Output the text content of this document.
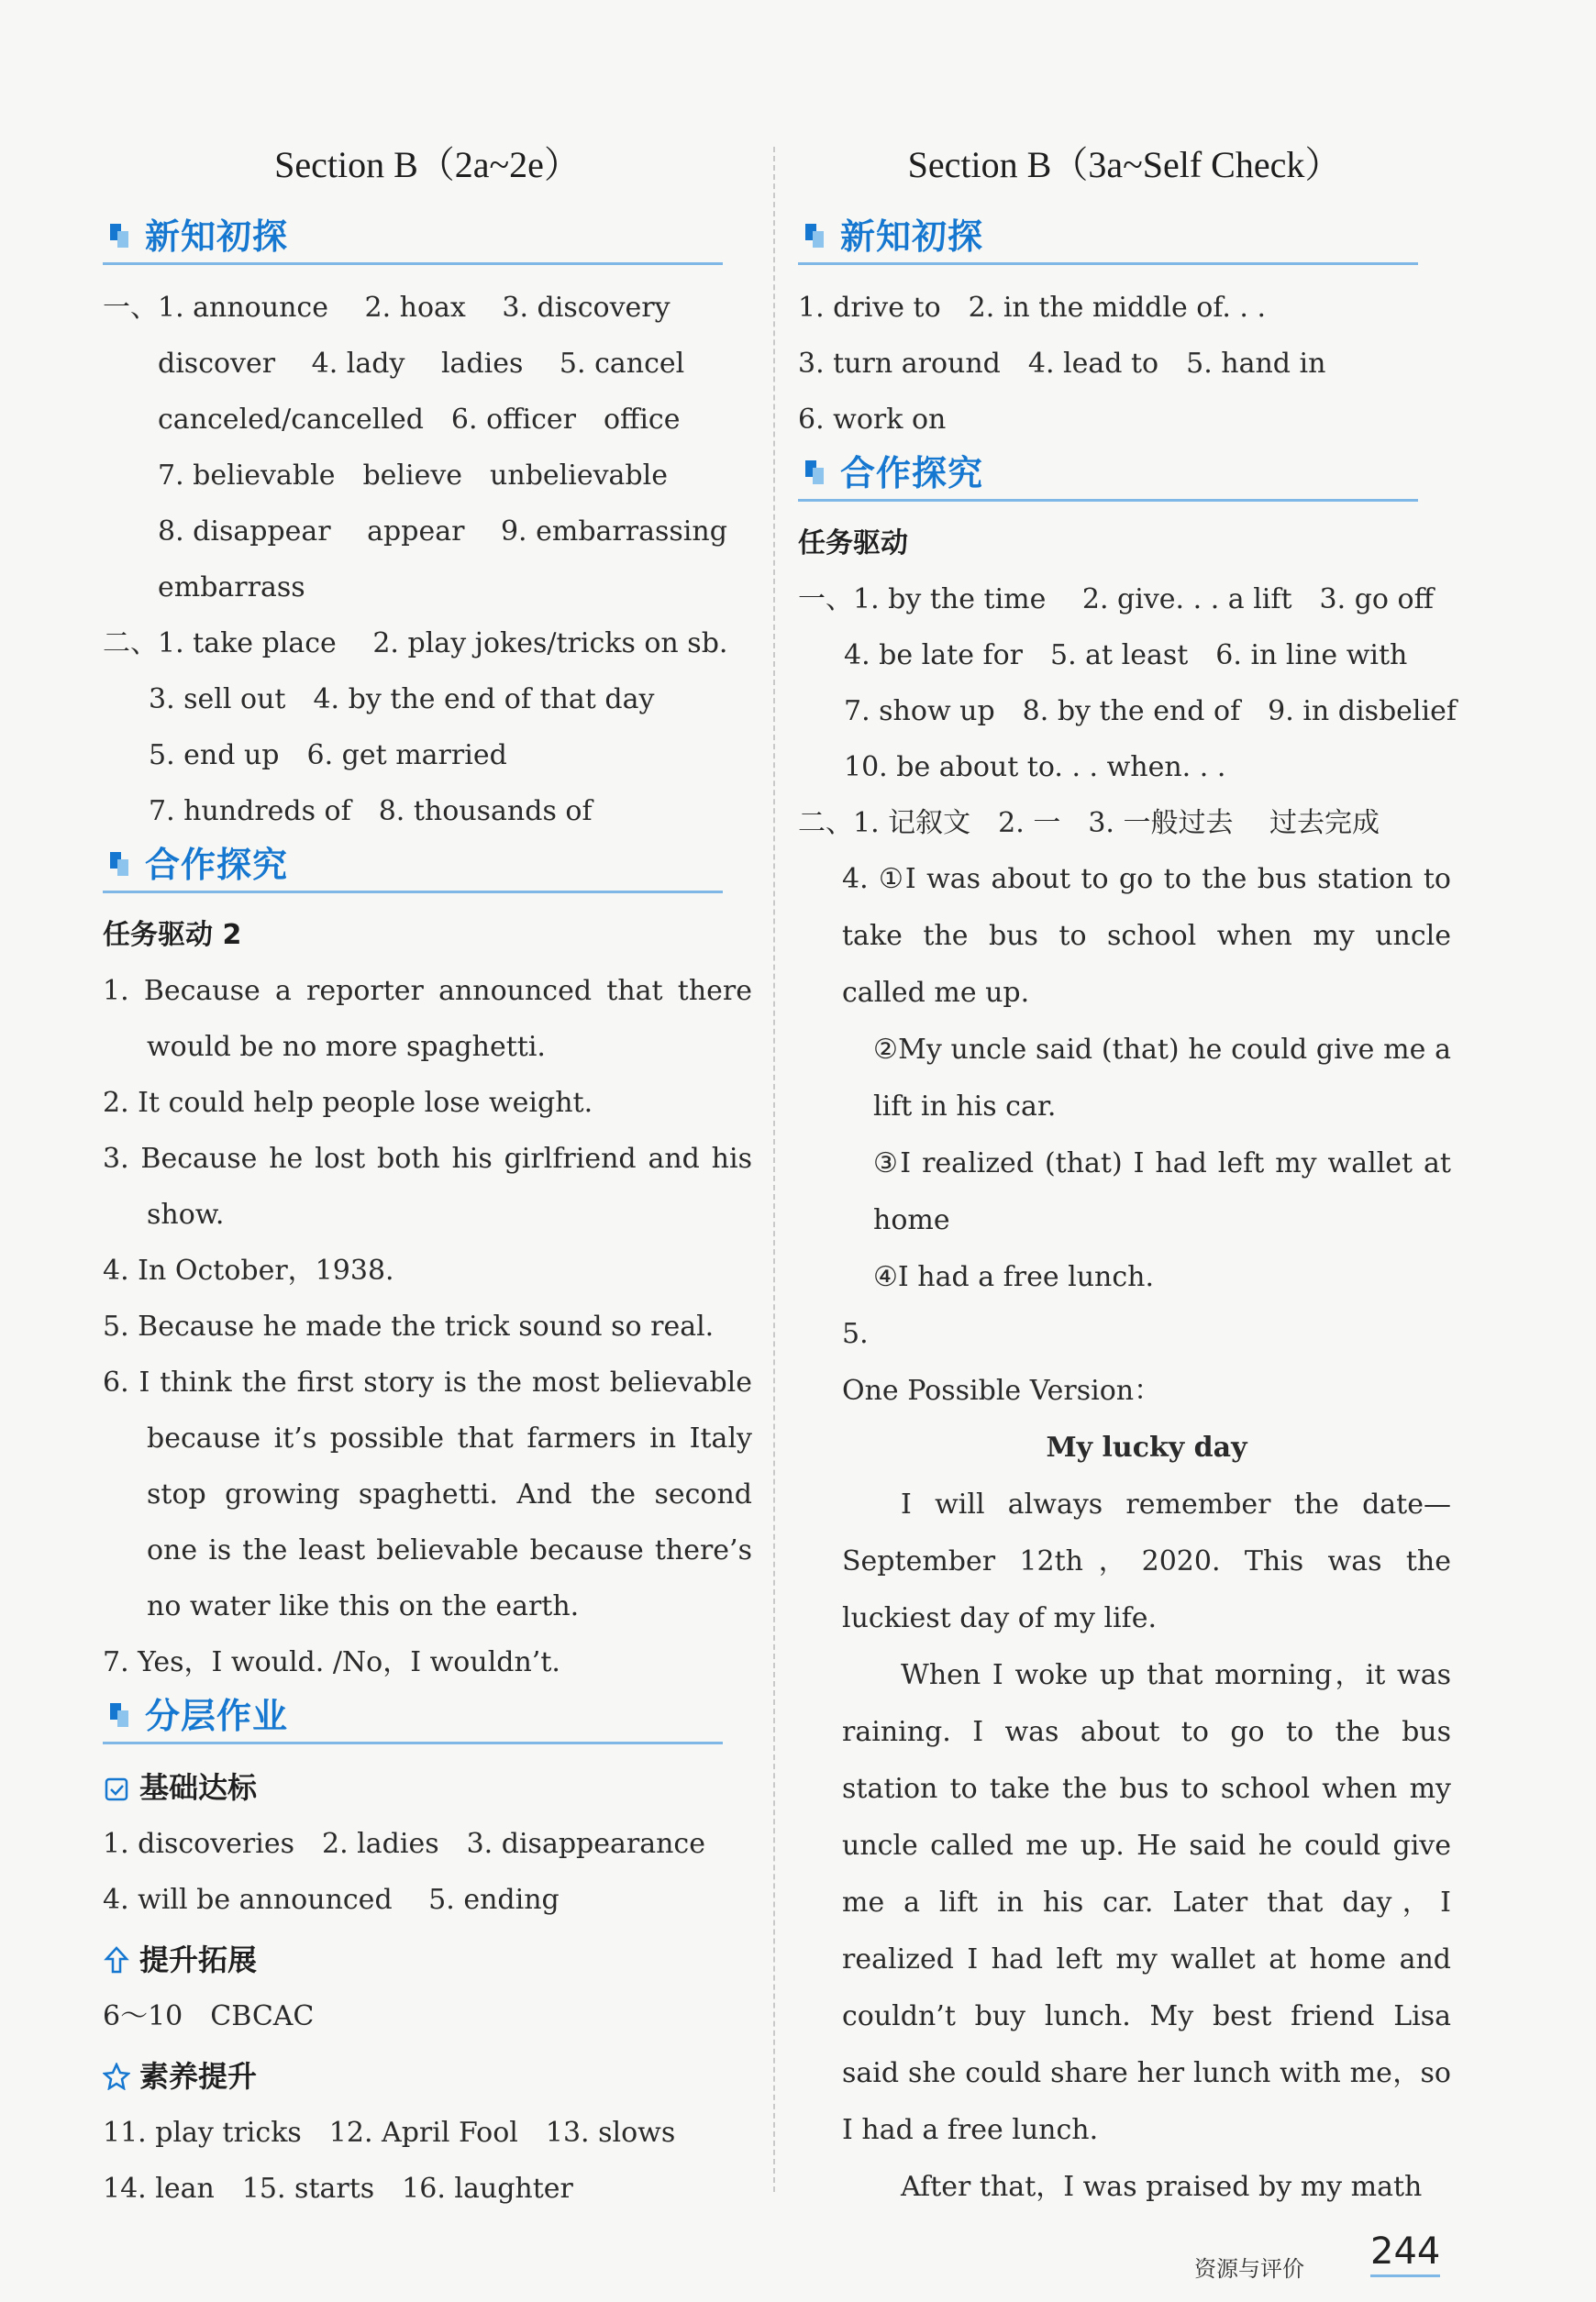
Section B（2a~2e）
新知初探
一、1. announce　 2. hoax　 3. discovery
discover　 4. lady　 ladies　 5. cancel
canceled/cancelled　6. officer　office
7. believable　believe　unbelievable
8. disappear　 appear　 9. embarrassing
embarrass
二、1. take place　 2. play jokes/tricks on sb.
3. sell out　4. by the end of that day
5. end up　6. get married
7. hundreds of　8. thousands of
合作探究
任务驱动 2
1. Because a reporter announced that there would be no more spaghetti.
2. It could help people lose weight.
3. Because he lost both his girlfriend and his show.
4. In October，1938.
5. Because he made the trick sound so real.
6. I think the first story is the most believable because it’s possible that farmers in Italy stop growing spaghetti. And the second one is the least believable because there’s no water like this on the earth.
7. Yes，I would. /No，I wouldn’t.
分层作业
基础达标
1. discoveries　2. ladies　3. disappearance
4. will be announced　 5. ending
提升拓展
6～10　CBCAC
素养提升
11. play tricks　12. April Fool　13. slows
14. lean　15. starts　16. laughter
Section B（3a~Self Check）
新知初探
1. drive to　2. in the middle of. . .
3. turn around　4. lead to　5. hand in
6. work on
合作探究
任务驱动
一、1. by the time　 2. give. . . a lift　3. go off
4. be late for　5. at least　6. in line with
7. show up　8. by the end of　9. in disbelief
10. be about to. . . when. . .
二、1. 记叙文　2. 一　3. 一般过去　 过去完成
4. ①I was about to go to the bus station to take the bus to school when my uncle called me up.
②My uncle said (that) he could give me a lift in his car.
③I realized (that) I had left my wallet at home
④I had a free lunch.
5.
One Possible Version：
My lucky day
I will always remember the date—September 12th，2020. This was the luckiest day of my life.
When I woke up that morning，it was raining. I was about to go to the bus station to take the bus to school when my uncle called me up. He said he could give me a lift in his car. Later that day，I realized I had left my wallet at home and couldn’t buy lunch. My best friend Lisa said she could share her lunch with me，so I had a free lunch.
After that，I was praised by my math
资源与评价 244
